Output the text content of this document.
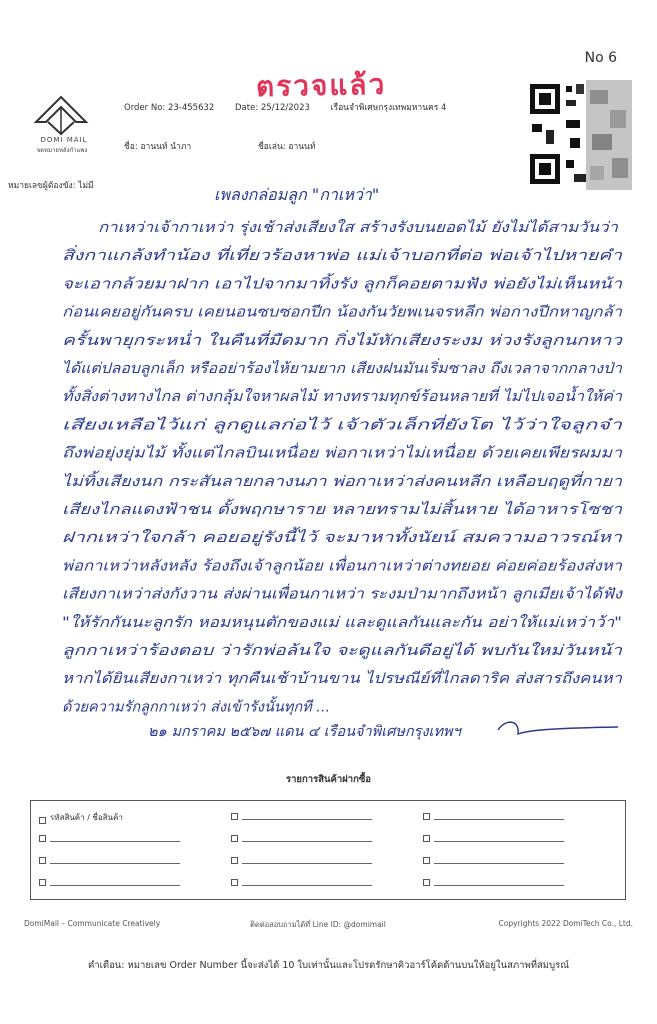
No 6
DOMI MAIL
จดหมายหลังกำแพง
ตรวจแล้ว
Order No: 23-455632 Date: 25/12/2023 เรือนจำพิเศษกรุงเทพมหานคร 4
ชื่อ: อานนท์ นำภา	ชื่อเล่น: อานนท์
หมายเลขผู้ต้องขัง: ไม่มี	เพลงกล่อมลูก "กาเหว่า"
กาเหว่าเจ้ากาเหว่า รุ่งเช้าส่งเสียงใส สร้างรังบนยอดไม้ ยังไม่ได้สามวันว่า
สิ่งกาแกล้งทำน้อง ที่เที่ยวร้องหาพ่อ แม่เจ้าบอกที่ต่อ พ่อเจ้าไปหายคำ
จะเอากล้วยมาฝาก เอาไปจากมาทิ้งรัง ลูกก็คอยตามฟัง พ่อยังไม่เห็นหน้า
ก่อนเคยอยู่กันครบ เคยนอนซบซอกปีก น้องกันวัยพเนจรหลีก พ่อกางปีกหาญกล้า
ครั้นพายุกระหน่ำ ในคืนที่มืดมาก กิ่งไม้หักเสียงระงม ห่วงรังลูกนกหาว
ได้แต่ปลอบลูกเล็ก หรืออย่าร้องไห้ยามยาก เสียงฝนมันเริ่มซาลง ถึงเวลาจากกลางป่า
ทั้งสิ่งต่างทางไกล ต่างกลุ้มใจหาผลไม้ ทางทรามทุกข์ร้อนหลายที่ ไม่ไปเจอน้ำให้ค่า
เสียงเหลือไว้แก่ ลูกดูแลก่อไว้ เจ้าตัวเล็กที่ยังโต ไว้ว่าใจลูกจ๋า
ถึงพ่อยุ่งยุ่มไม้ ทั้งแต่ไกลบินเหนื่อย พ่อกาเหว่าไม่เหนื่อย ด้วยเคยเพียรผมมา
ไม่ทิ้งเสียงนก กระสันลายกลางนภา พ่อกาเหว่าส่งคนหลีก เหลือบฤดูที่กายา
เสียงไกลแดงฟ้าชน ดั้งพฤกษาราย หลายทรามไม่สิ้นหาย ได้อาหารโซชา
ฝากเหว่าใจกล้า คอยอยู่รังนี้ไว้ จะมาหาทั้งนัยน์ สมความอาวรณ์หา
พ่อกาเหว่าหลังหลัง ร้องถึงเจ้าลูกน้อย เพื่อนกาเหว่าต่างทยอย ค่อยค่อยร้องส่งหา
เสียงกาเหว่าส่งกังวาน ส่งผ่านเพื่อนกาเหว่า ระงมป่ามากถึงหน้า ลูกเมียเจ้าได้ฟัง
"ให้รักกันนะลูกรัก หอมหนุนตักของแม่ และดูแลกันและกัน อย่าให้แม่เหว่าว้า"
ลูกกาเหว่าร้องตอบ ว่ารักพ่อล้นใจ จะดูแลกันดีอยู่ได้ พบกันใหม่วันหน้า
หากได้ยินเสียงกาเหว่า ทุกคืนเช้าบ้านขาน ไปรษณีย์ที่ไกลดาริค ส่งสารถึงคนหา
ด้วยความรักลูกกาเหว่า ส่งเข้ารังนั้นทุกที ...
๒๑ มกราคม ๒๕๖๗ แดน ๔ เรือนจำพิเศษกรุงเทพฯ
รายการสินค้าฝากซื้อ
รหัสสินค้า / ชื่อสินค้า
DomiMail – Communicate Creatively	ติดต่อสอบถามได้ที่ Line ID: @domimail	Copyrights 2022 DomiTech Co., Ltd.
คำเตือน: หมายเลข Order Number นี้จะส่งได้ 10 ใบเท่านั้นและโปรดรักษาคิวอาร์โค้ดด้านบนให้อยู่ในสภาพที่สมบูรณ์
